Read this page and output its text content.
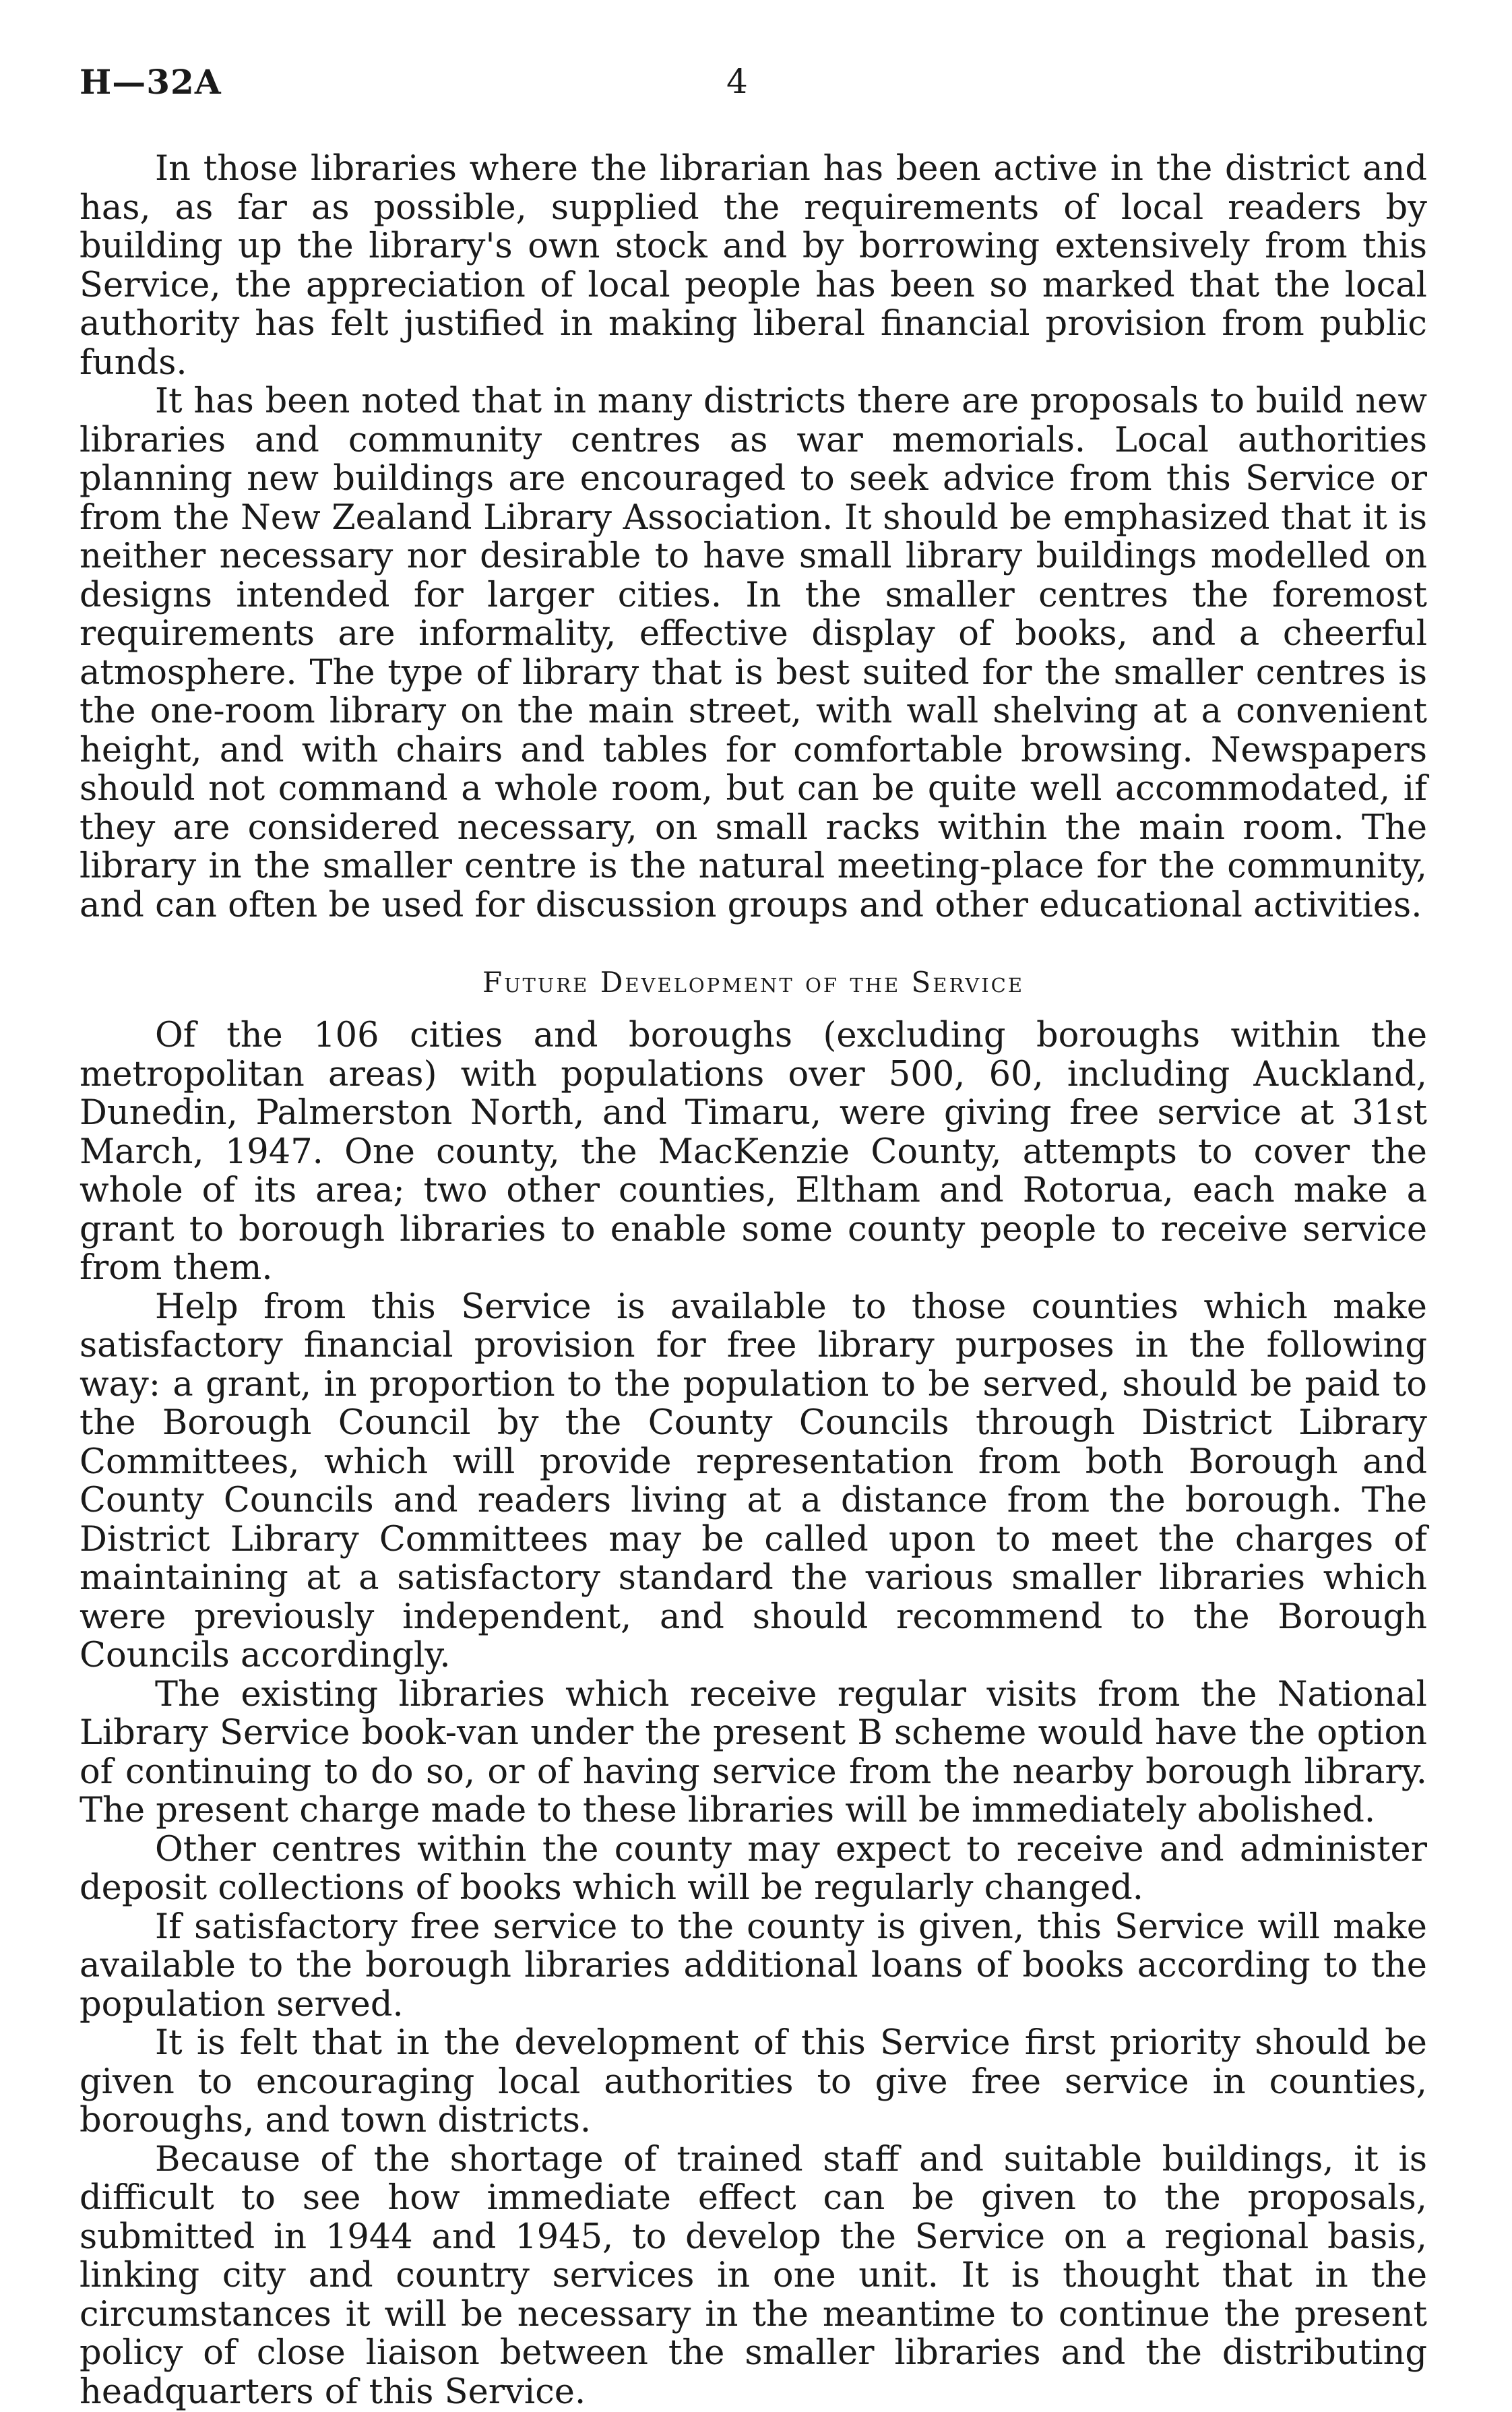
H—32A	4

In those libraries where the librarian has been active in the district and has, as far as possible, supplied the requirements of local readers by building up the library's own stock and by borrowing extensively from this Service, the appreciation of local people has been so marked that the local authority has felt justified in making liberal financial provision from public funds.

It has been noted that in many districts there are proposals to build new libraries and community centres as war memorials. Local authorities planning new buildings are encouraged to seek advice from this Service or from the New Zealand Library Association. It should be emphasized that it is neither necessary nor desirable to have small library buildings modelled on designs intended for larger cities. In the smaller centres the foremost requirements are informality, effective display of books, and a cheerful atmosphere. The type of library that is best suited for the smaller centres is the one-room library on the main street, with wall shelving at a convenient height, and with chairs and tables for comfortable browsing. Newspapers should not command a whole room, but can be quite well accommodated, if they are considered necessary, on small racks within the main room. The library in the smaller centre is the natural meeting-place for the community, and can often be used for discussion groups and other educational activities.

Future Development of the Service

Of the 106 cities and boroughs (excluding boroughs within the metropolitan areas) with populations over 500, 60, including Auckland, Dunedin, Palmerston North, and Timaru, were giving free service at 31st March, 1947. One county, the MacKenzie County, attempts to cover the whole of its area; two other counties, Eltham and Rotorua, each make a grant to borough libraries to enable some county people to receive service from them.

Help from this Service is available to those counties which make satisfactory financial provision for free library purposes in the following way: a grant, in proportion to the population to be served, should be paid to the Borough Council by the County Councils through District Library Committees, which will provide representation from both Borough and County Councils and readers living at a distance from the borough. The District Library Committees may be called upon to meet the charges of maintaining at a satisfactory standard the various smaller libraries which were previously independent, and should recommend to the Borough Councils accordingly.

The existing libraries which receive regular visits from the National Library Service book-van under the present B scheme would have the option of continuing to do so, or of having service from the nearby borough library. The present charge made to these libraries will be immediately abolished.

Other centres within the county may expect to receive and administer deposit collections of books which will be regularly changed.

If satisfactory free service to the county is given, this Service will make available to the borough libraries additional loans of books according to the population served.

It is felt that in the development of this Service first priority should be given to encouraging local authorities to give free service in counties, boroughs, and town districts.

Because of the shortage of trained staff and suitable buildings, it is difficult to see how immediate effect can be given to the proposals, submitted in 1944 and 1945, to develop the Service on a regional basis, linking city and country services in one unit. It is thought that in the circumstances it will be necessary in the meantime to continue the present policy of close liaison between the smaller libraries and the distributing headquarters of this Service.
